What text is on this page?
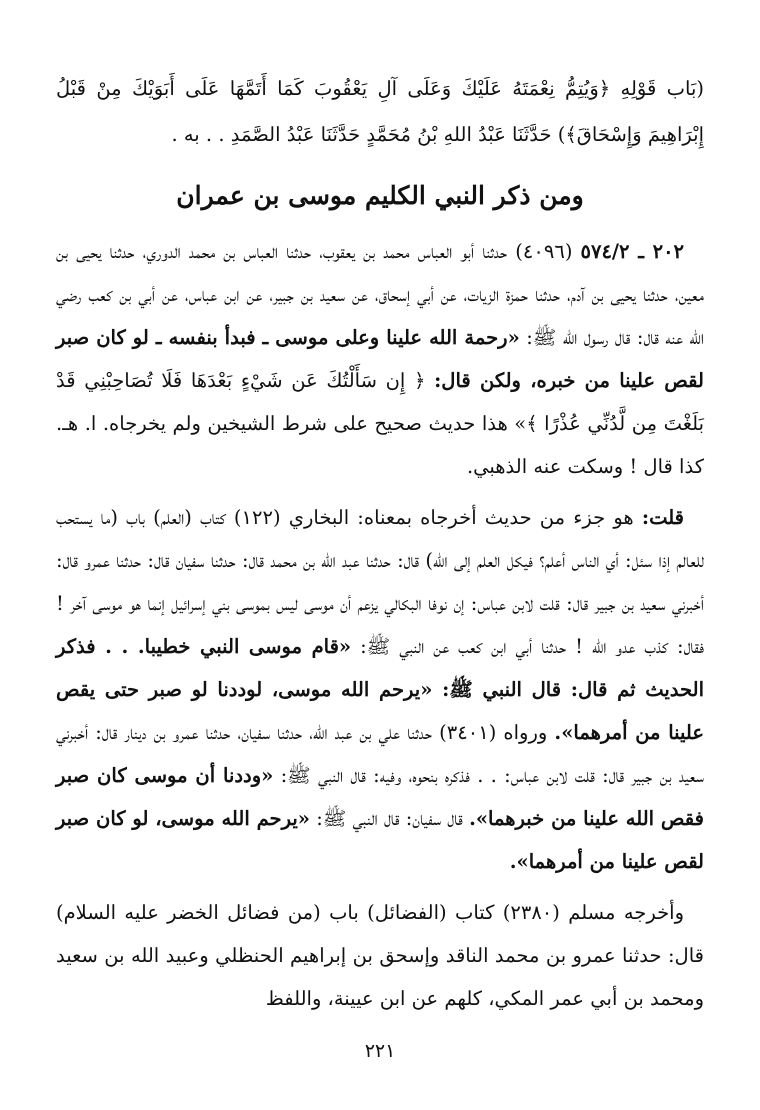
(بَاب قَوْلِهِ ﴿وَيُتِمُّ نِعْمَتَهُ عَلَيْكَ وَعَلَى آلِ يَعْقُوبَ كَمَا أَتَمَّهَا عَلَى أَبَوَيْكَ مِنْ قَبْلُ إِبْرَاهِيمَ وَإِسْحَاقَ﴾) حَدَّثَنَا عَبْدُ اللهِ بْنُ مُحَمَّدٍ حَدَّثَنَا عَبْدُ الصَّمَدِ . . به .

ومن ذكر النبي الكليم موسى بن عمران

٢٠٢ ـ ٥٧٤/٢ (٤٠٩٦) حدثنا أبو العباس محمد بن يعقوب، حدثنا العباس بن محمد الدوري، حدثنا يحيى بن معين، حدثنا يحيى بن آدم، حدثنا حمزة الزيات، عن أبي إسحاق، عن سعيد بن جبير، عن ابن عباس، عن أبي بن كعب رضي الله عنه قال: قال رسول الله ﷺ: «رحمة الله علينا وعلى موسى ـ فبدأ بنفسه ـ لو كان صبر لقص علينا من خبره، ولكن قال: ﴿ إِن سَأَلْتُكَ عَن شَيْءٍ بَعْدَهَا فَلَا تُصَاحِبْنِي قَدْ بَلَغْتَ مِن لَّدُنِّي عُذْرًا ﴾» هذا حديث صحيح على شرط الشيخين ولم يخرجاه. ا. هـ. كذا قال ! وسكت عنه الذهبي.

قلت: هو جزء من حديث أخرجاه بمعناه: البخاري (١٢٢) كتاب (العلم) باب (ما يستحب للعالم إذا سئل: أي الناس أعلم؟ فيكل العلم إلى الله) قال: حدثنا عبد الله بن محمد قال: حدثنا سفيان قال: حدثنا عمرو قال: أخبرني سعيد بن جبير قال: قلت لابن عباس: إن نوفا البكالي يزعم أن موسى ليس بموسى بني إسرائيل إنما هو موسى آخر ! فقال: كذب عدو الله ! حدثنا أبي ابن كعب عن النبي ﷺ: «قام موسى النبي خطيبا. . . فذكر الحديث ثم قال: قال النبي ﷺ: «يرحم الله موسى، لوددنا لو صبر حتى يقص علينا من أمرهما». ورواه (٣٤٠١) حدثنا علي بن عبد الله، حدثنا سفيان، حدثنا عمرو بن دينار قال: أخبرني سعيد بن جبير قال: قلت لابن عباس: . . فذكره بنحوه، وفيه: قال النبي ﷺ: «وددنا أن موسى كان صبر فقص الله علينا من خبرهما». قال سفيان: قال النبي ﷺ: «يرحم الله موسى، لو كان صبر لقص علينا من أمرهما».

وأخرجه مسلم (٢٣٨٠) كتاب (الفضائل) باب (من فضائل الخضر عليه السلام) قال: حدثنا عمرو بن محمد الناقد وإسحق بن إبراهيم الحنظلي وعبيد الله بن سعيد ومحمد بن أبي عمر المكي، كلهم عن ابن عيينة، واللفظ

٢٢١
